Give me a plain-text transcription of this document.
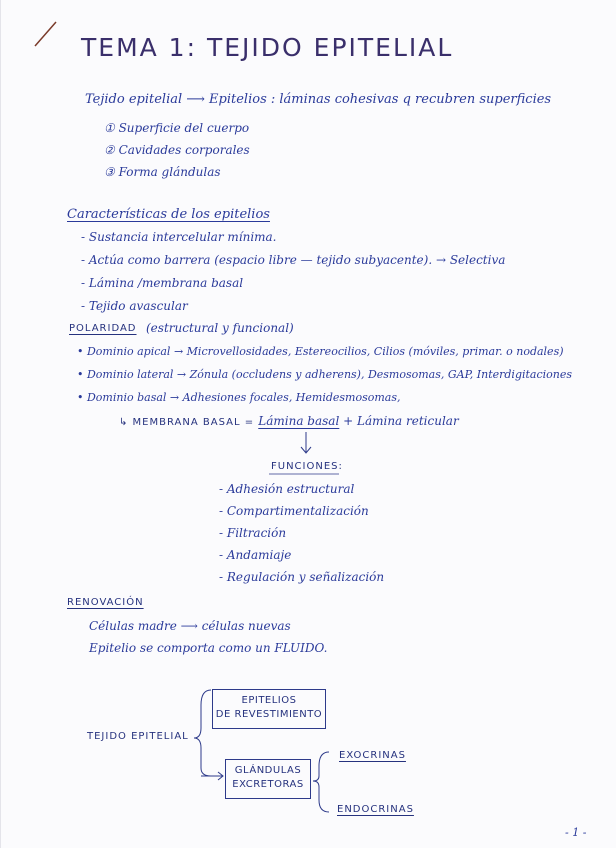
TEMA 1: TEJIDO EPITELIAL
Tejido epitelial ⟶ Epitelios : láminas cohesivas q recubren superficies
① Superficie del cuerpo
② Cavidades corporales
③ Forma glándulas
Características de los epitelios
- Sustancia intercelular mínima.
- Actúa como barrera (espacio libre — tejido subyacente). → Selectiva
- Lámina /membrana basal
- Tejido avascular
POLARIDAD (estructural y funcional)
• Dominio apical → Microvellosidades, Estereocilios, Cilios (móviles, primar. o nodales)
• Dominio lateral → Zónula (occludens y adherens), Desmosomas, GAP, Interdigitaciones
• Dominio basal → Adhesiones focales, Hemidesmosomas,
↳ MEMBRANA BASAL = Lámina basal + Lámina reticular
FUNCIONES:
- Adhesión estructural
- Compartimentalización
- Filtración
- Andamiaje
- Regulación y señalización
RENOVACIÓN
Células madre ⟶ células nuevas
Epitelio se comporta como un FLUIDO.
TEJIDO EPITELIAL
EPITELIOS
DE REVESTIMIENTO
GLÁNDULAS
EXCRETORAS
EXOCRINAS
ENDOCRINAS
- 1 -
